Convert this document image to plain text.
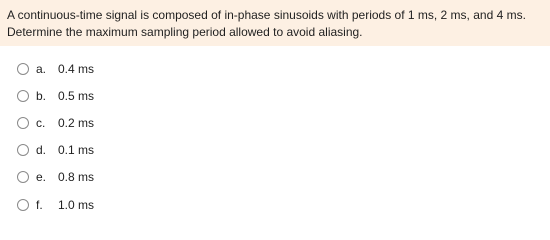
A continuous-time signal is composed of in-phase sinusoids with periods of 1 ms, 2 ms, and 4 ms.
Determine the maximum sampling period allowed to avoid aliasing.

a. 0.4 ms
b. 0.5 ms
c. 0.2 ms
d. 0.1 ms
e. 0.8 ms
f. 1.0 ms
